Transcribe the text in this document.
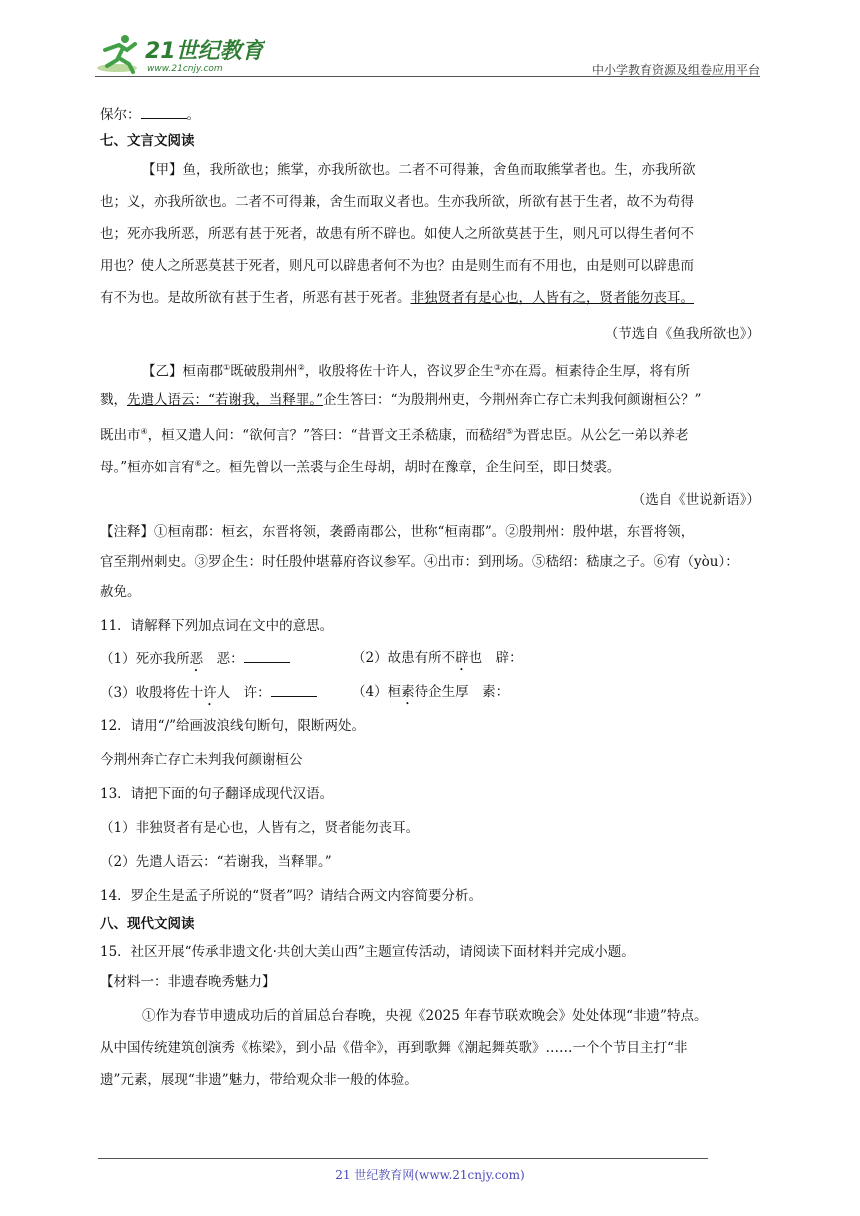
21世纪教育
www.21cnjy.com	中小学教育资源及组卷应用平台
保尔：	。
七、文言文阅读
【甲】鱼，我所欲也；熊掌，亦我所欲也。二者不可得兼，舍鱼而取熊掌者也。生，亦我所欲
也；义，亦我所欲也。二者不可得兼，舍生而取义者也。生亦我所欲，所欲有甚于生者，故不为苟得
也；死亦我所恶，所恶有甚于死者，故患有所不辟也。如使人之所欲莫甚于生，则凡可以得生者何不
用也？使人之所恶莫甚于死者，则凡可以辟患者何不为也？由是则生而有不用也，由是则可以辟患而
有不为也。是故所欲有甚于生者，所恶有甚于死者。非独贤者有是心也，人皆有之，贤者能勿丧耳。
（节选自《鱼我所欲也》）
【乙】桓南郡①既破殷荆州②，收殷将佐十许人，咨议罗企生③亦在焉。桓素待企生厚，将有所
戮，先遣人语云：“若谢我，当释罪。”企生答曰：“为殷荆州吏，今荆州奔亡存亡未判我何颜谢桓公？”
既出市④，桓又遣人问：“欲何言？”答曰：“昔晋文王杀嵇康，而嵇绍⑤为晋忠臣。从公乞一弟以养老
母。”桓亦如言宥⑥之。桓先曾以一羔裘与企生母胡，胡时在豫章，企生问至，即日焚裘。
（选自《世说新语》）
【注释】①桓南郡：桓玄，东晋将领，袭爵南郡公，世称“桓南郡”。②殷荆州：殷仲堪，东晋将领，
官至荆州刺史。③罗企生：时任殷仲堪幕府咨议参军。④出市：到刑场。⑤嵇绍：嵇康之子。⑥宥（yòu）：
赦免。
11．请解释下列加点词在文中的意思。
（1）死亦我所恶　恶：	（2）故患有所不辟也　辟：
（3）收殷将佐十许人　许：	（4）桓素待企生厚　素：
12．请用“/”给画波浪线句断句，限断两处。
今荆州奔亡存亡未判我何颜谢桓公
13．请把下面的句子翻译成现代汉语。
（1）非独贤者有是心也，人皆有之，贤者能勿丧耳。
（2）先遣人语云：“若谢我，当释罪。”
14．罗企生是孟子所说的“贤者”吗？请结合两文内容简要分析。
八、现代文阅读
15．社区开展“传承非遗文化·共创大美山西”主题宣传活动，请阅读下面材料并完成小题。
【材料一：非遗春晚秀魅力】
①作为春节申遗成功后的首届总台春晚，央视《2025 年春节联欢晚会》处处体现“非遗”特点。
从中国传统建筑创演秀《栋梁》，到小品《借伞》，再到歌舞《潮起舞英歌》……一个个节目主打“非
遗”元素，展现“非遗”魅力，带给观众非一般的体验。
21 世纪教育网(www.21cnjy.com)
